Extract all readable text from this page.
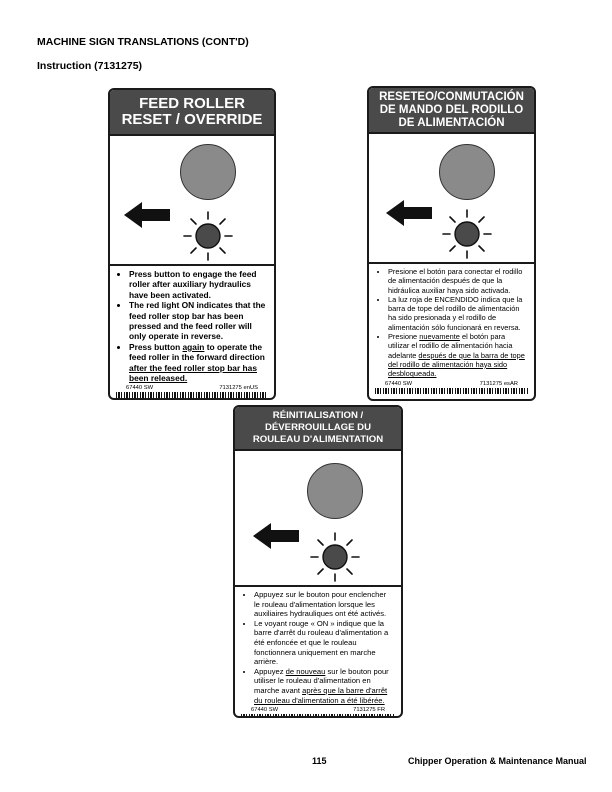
MACHINE SIGN TRANSLATIONS (CONT'D)
Instruction (7131275)
FEED ROLLER
RESET / OVERRIDE
• Press button to engage the feed roller after auxiliary hydraulics have been activated.
• The red light ON indicates that the feed roller stop bar has been pressed and the feed roller will only operate in reverse.
• Press button again to operate the feed roller in the forward direction after the feed roller stop bar has been released.
67440 SW	7131275 enUS
RESETEO/CONMUTACIÓN
DE MANDO DEL RODILLO
DE ALIMENTACIÓN
• Presione el botón para conectar el rodillo de alimentación después de que la hidráulica auxiliar haya sido activada.
• La luz roja de ENCENDIDO indica que la barra de tope del rodillo de alimentación ha sido presionada y el rodillo de alimentación sólo funcionará en reversa.
• Presione nuevamente el botón para utilizar el rodillo de alimentación hacia adelante después de que la barra de tope del rodillo de alimentación haya sido desbloqueada.
67440 SW	7131275 esAR
RÉINITIALISATION /
DÉVERROUILLAGE DU
ROULEAU D'ALIMENTATION
• Appuyez sur le bouton pour enclencher le rouleau d'alimentation lorsque les auxiliaires hydrauliques ont été activés.
• Le voyant rouge « ON » indique que la barre d'arrêt du rouleau d'alimentation a été enfoncée et que le rouleau fonctionnera uniquement en marche arrière.
• Appuyez de nouveau sur le bouton pour utiliser le rouleau d'alimentation en marche avant après que la barre d'arrêt du rouleau d'alimentation a été libérée.
67440 SW	7131275 FR
115	Chipper Operation & Maintenance Manual
